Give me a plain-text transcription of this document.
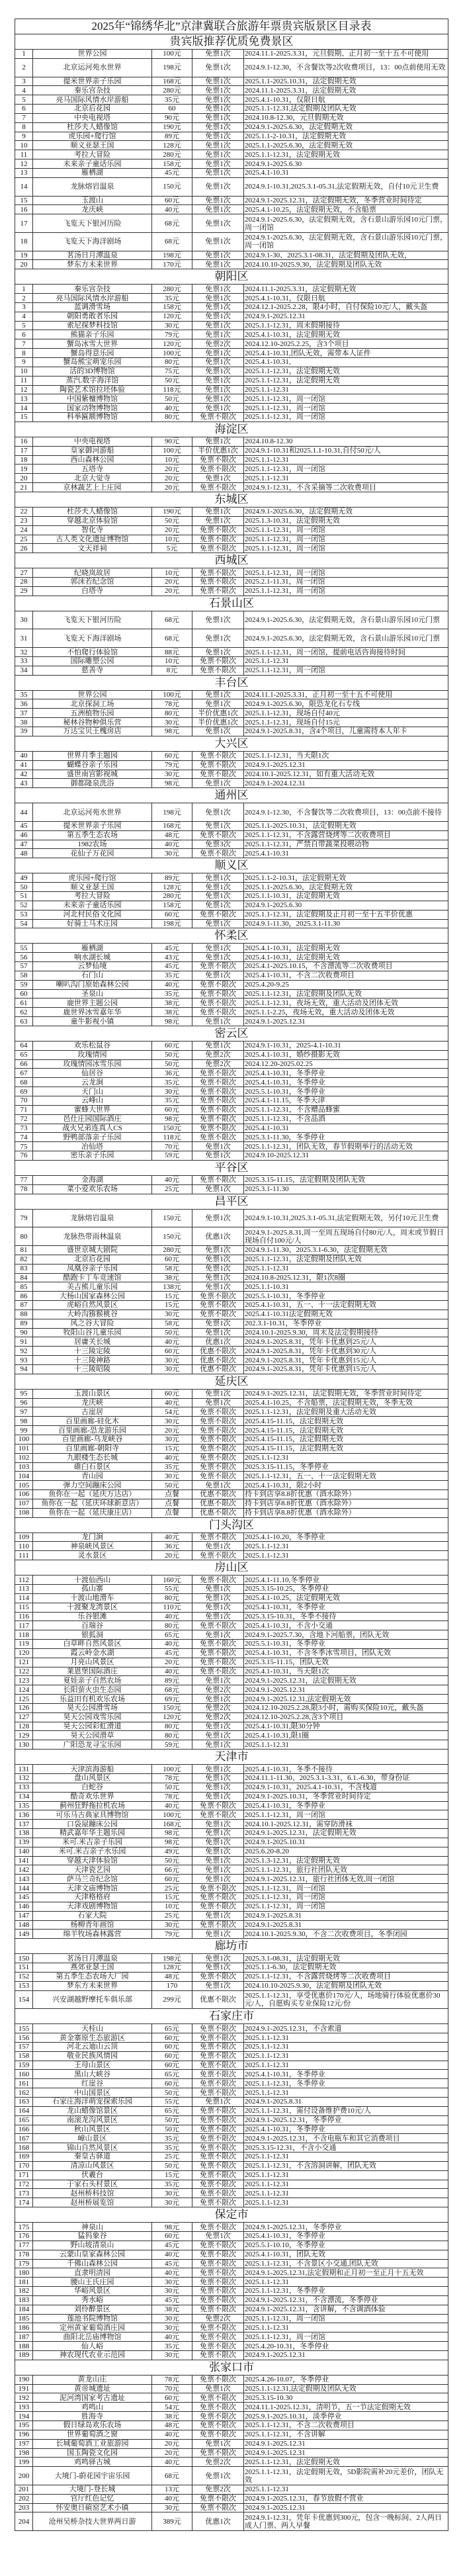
2025年“锦绣华北”京津冀联合旅游年票贵宾版景区目录表
贵宾版推荐优质免费景区
1	世界公园	100元	免票1次	2024.11.1-2025.3.31，元旦假期、正月初一至十五不可使用
2	北京运河苑水世界	198元	免票1次	2024.9.1-12.30，不含餐饮等2次收费项目，13：00点前使用无效
3	提米世界亲子乐园	168元	免票1次	2025.1.1-2025.10.31，法定假期无效
4	秦乐宫杂技	280元	免票1次	2024.11.1-2025.3.31，法定假期无效
5	亮马国际风情水岸游船	35元	免票1次	2025.4.1-10.31，仅限日航
6	北京后花园	60	免票1次	2025.1.1-12.31,法定假期及团队无效
7	中央电视塔	90元	免票1次	2024.10.8-12.30，元旦假期无效
8	杜莎夫人蜡像馆	190元	免票1次	2024.9.1-2025.6.30，法定假期无效
9	虎乐园+爬行馆	89元	免票1次	2025.1.1-2-10.31，法定假期无效
10	顺义亚瑟王国	128元	免票1次	2025.1.1-2025.6.30，法定假期无效
11	考拉大冒险	280元	免票1次	2025.1.1-12.31，法定假期无效
12	未来亲子童话乐园	158元	免票1次	2024.9.1-2025.6.30
13	雁栖湖	45元	免票1次	2025.4.1-10.31
14	龙脉熔岩温泉	150元	免票1次	2024.9.1-10.31,2025.3.1-05.31,法定假期无效，自付10元卫生费
15	玉渡山	60元	免票1次	2024.9.1-2025.12.31，法定假期无效，冬季营业时间待定
16	龙庆峡	40元	免票1次	2025.4.1-10.25，法定假期无效，不含船票
17	飞览天下银河历险	68元	免票1次	2024.9.1-2025.6.30，法定假期无效，含石景山游乐园10元门票，周一闭馆
18	飞览天下海洋剧场	68元	免票1次	2024.9.1-2025.6.30，法定假期无效，含石景山游乐园10元门票，周一闭馆
19	茗汤日月潭温泉	198元	免票1次	2024.9.1-30、2025.3.1-08.31，法定假期及团队无效，
20	梦东方未来世界	170元	免票1次	2024.10.10-2025.9.30，法定假期及团队无效
朝阳区
1	秦乐宫杂技	280元	免票1次	2024.11.1-2025.3.31，法定假期无效
2	亮马国际风情水岸游船	35元	免票1次	2025.4.1-10.31，仅限日航
3	蓝调滑雪场	158元	免票1次	2024.12.1-2025.2.28，限4小时，自付保险10元/人，戴头盔
4	朝阳勇敢者乐园	120元	免票1次	2024.9.1-2025.12.31
5	索尼探梦科技馆	30元	免票1次	2025.1.1-12.31，周末假期接待
6	熊猫亲子乐园	79元	免票1次	2025.4.1-10.31，法定假期无效
7	蟹岛冰雪大世界	120元	免票2次	2024.12.10-2025.2.25，含3个项目
8	蟹岛得意乐园	100元	免票1次	2025.4.1-10.31,团队无效，需带本人证件
9	蟹岛熊宝萌宠乐园	80元	免票1次	2025.4.1-10.31,
10	活的3D博物馆	75元	免票1次	2025.1.1-12.31，法定假期无效
11	蒸汽.数字海洋馆	50元	免票1次	2025.1.1-12.31，法定假期无效
12	陶瓷艺术馆拉坯体验	118元	免票1次	2025.1.1-12.31
13	中国紫檀博物馆	50元	免票1次	2025.1.1-12.31，周一闭馆
14	国家动物博物馆	40元	免票1次	2025.1.1-12.31，周一闭馆
15	科举匾额博物馆	80元	免票不限次	2025.1.1-12.31，周一闭馆
海淀区
16	中央电视塔	90元	免票1次	2024.10.8-12.30
17	皇家御河游船	100元	半价优惠1次 2024.9.1-10.31和2025.1.1-10.31,自付50元/人
18	西山森林公园	10元	免票不限次	2025.1.1-12.31
19	五塔寺	20元	免票不限次	2025.1.1-12.31，周一闭馆
20	北京大觉寺	20元	免票1次	2025.1.1-12.31
21	京林蔬艺上上庄园	20元	免票不限次	2024.9.1-12.31，不含采摘等二次收费项目
东城区
22	杜莎夫人蜡像馆	190元	免票1次	2024.9.1-2025.6.30，法定假期无效
23	穿越北京体验馆	50元	免票1次	2025.1.3-10.31，法定假期无效
24	智化寺	20元	免票不限次	2025.1.1-12.31，周一闭馆
25	古人类文化遗址博物馆	10元	免票不限次	2025.1.1-12.31，周一闭馆
26	文天祥祠	5元	免票不限次	2025.1.1-12.31，周一闭馆
西城区
27	纪晓岚故居	10元	免票不限次	2025.1.1-12.31，周一闭馆
28	郭沫若纪念馆	20元	免票不限次	2025.2.1-11.31，周一闭馆
29	白塔寺	20元	免票不限次	2025.1.1-12.31，周一闭馆
石景山区
30	飞览天下银河历险	68元	免票1次	2024.9.1-2025.6.30，法定假期无效，含石景山游乐园10元门票
31	飞览天下海洋剧场	68元	免票1次	2024.9.1-2025.6.30，法定假期无效，含石景山游乐园10元门票
32	不怕爬行体验馆	88元	免票1次	2025.1.1-12.31，周一闭馆，提前电话咨询接待时间
33	国际雕塑公园	10元	免票不限次	2025.1.1-12.31
34	慈善寺	8元	免票不限次	2025.1.1-12.31，周一闭馆
丰台区
35	世界公园	100元	免票1次	2024.11.1-2025.3.31，正月初一至十五不可使用
36	北京探洞工场	78元	免票1次	2024.9.1-2025.6.30，限恐龙化石专线
37	五洲植物乐园	80元	半价优惠1次 2025.1.1-12.31，现场自付40元
38	秘林谷物种俱乐营	30元	半价优惠1次 2025.1.1-12.31，现场自付15元
39	万达宝贝王槐房店	98元	免票1次	2024.9.1-2025.8.31，含4个项目，儿童需持本人年卡
大兴区
40	世界月季主题园	60元	免票不限次	2025.1.1-12.31，当天限1次
41	蝴蝶谷亲子乐园	79元	免票不限次	2024.9.1-2025.12.31
42	盛世南宫影视城	30元	免票不限次	2024.10.1-2025.12.31，如有重大活动无效
43	御都隆泉洗浴	98元	免票1次	2024.9.1-2024.12.31
通州区
44	北京运河苑水世界	198元	免票1次	2024.9.1-12.30，不含餐饮等二次收费项目，13：00点前不接待
45	提米世界亲子乐园	168元	免票1次	2025.1.1-2025.10.31，法定假期无效
46	第五季生态农场	48元	免票不限次	2025.1.1-12.31，不含露营烧烤等二次收费项目
47	1982农场	40元	免票3次	2025.1.1-12.31，严禁自带蔬菜投喂动物
48	花仙子万花园	30元	免票不限次	2025.4.1-10.31
顺义区
49	虎乐园+爬行馆	89元	免票1次	2025.1.1-2-10.31，法定假期无效
50	顺义亚瑟王国	128元	免票1次	2025.1.1-2025.6.30，法定假期无效
51	考拉大冒险	280元	免票1次	2025.1.1-10.31，法定假期无效
52	未来亲子童话乐园	158元	免票1次	2024.9.1-2025.6.30
53	河北村民俗文化园	60元	免票不限次	2025.1.1-12.31，法定假期及正月初一至十五半价优惠
54	好骑士马术庄园	198元	免票1次	2024.9.1-11.30，2025.3.1-11.30
怀柔区
55	雁栖湖	45元	免票1次	2025.4.1-10.31，法定假期无效
56	响水湖长城	43元	免票1次	2025.4.1-10.31，法定假期无效
57	云梦仙境	45元	免票不限次	2025.4.1-2025.10.15，不含漂流等二次收费项目
58	石门山	35元	免票1次	2025.4.1-10.31，不含二次收费项目
59	喇叭沟门原始森林公园	40元	免票不限次	2025.4.20-9.25
60	圣泉山	35元	免票不限次	2025.1.1-12.31，法定假期及团队无效
61	鹿世界主题公园	38元	免票不限次	2025.1.1-12.31，夜场无效，重大活动及团体无效
62	鹿世界冰雪嘉年华	38元	免票不限次	2025.1.1-2.25，夜场无效，重大活动及团体无效
63	童牛影视小镇	98元	免票1次	2024.9.1-2025.12.31
密云区
64	欢乐松鼠谷	60元	免票1次	2024.9.1-10.31，2025-4.1-10.31
65	玫瑰情园	50元	免票2次	2025.4.1-10.31，婚纱摄影无效
66	玫瑰情园冰雪乐园	50元	免票2次	2024.12.20-2025.02.25
67	仙居谷	36元	免票不限次	2025.4.1-10.31，冬季停业
68	云龙涧	35元	免票不限次	2025.4.1-10.31，冬季停业
69	天门山	30元	免票不限次	2025.5.1-10.31，冬季停业
70	云峰山	35元	免票不限次	2025.4.1-11.15，冬季天津
71	蜜蜂大世界	60元	免票不限次	2025.1.1-12.31，不含赠品蜂蜜
72	邑仕庄园国际酒庄	98元	免票不限次	2025.1.1-12.31，不含品酒
73	战火兄弟连真人CS	150元	免票不限次	2025.4.1-10.31
74	野鸭部落亲子乐园	118元	免票不限次	2025.3.1-11.30，冬季停业
75	冶仙塔	70元	免票1次	2025.1.1-12.31，团队无效，春节假期举行的活动无效
76	密乐亲子乐园	59元	免票1次	2024.9.10-2025.12.31
平谷区
77	金海湖	40元	免票不限次	2025.3.15-11.15，法定假期及团队无效
78	菜小爱欢乐农场	25元	免票1次	2025.3.1-11.30
昌平区
79	龙脉熔岩温泉	150元	免票1次	2024.9.1-10.31,2025.3.1-05.31,法定假期无效，另付10元卫生费
80	龙脉热带雨林温泉	150元	优惠1次	2024.9.1-2025.8.31,周一至周五现场自付80元/人，周末或节假日现场自付100元/人
81	盛世京城大剧院	280元	免票1次	2024.9.1-11.30、2025.3.1-6.30，法定假期无效
82	北京后花园	60元	免票1次	2025.1.1-12.31，法定假期及团队无效
83	凤凰谷亲子乐园	58元	免票1次	2025.1.1-12.31
84	酷跑卡丁车竞速馆	38元	免票1次	2024.10.8-2025.12.31，限1次8圈
85	美吉熊儿童乐园	138元	免票1次	2025.1.1-10.31
86	大杨山国家森林公园	15元	免票不限次	2025.5.1-10.31，冬季停业
87	虎峪自然风景区	15元	免票不限次	2025.4.1-10.31，五一、十一法定假期无效
88	大岭沟猕猴桃谷	30元	免票不限次	2025.4.1-10.31法定假期无效
89	风之谷大冒险	58元	免票1次	202.3.1-10.31，冬季停业
90	牧阳山谷儿童乐园	50元	免票1次	2024.10.1-2025.9.30，周末及法定假期接待
91	居庸关长城	40元	优惠1次	2024.9.1-2025.8.31，凭年卡优惠到25元/人
92	十三陵定陵	60元	优惠不限次	2024.9.1-2025.8.31，凭年卡优惠到30元/人
93	十三陵神路	30元	优惠不限次	2024.9.1-2025.8.31，凭年卡优惠到15元/人
94	十三陵昭陵	30元	优惠不限次	2024.9.1-2025.8.31，凭年卡优惠到15元/人
延庆区
95	玉渡山景区	60元	免票1次	2024.9.1-2025.12.31，法定假期无效，冬季营业时间待定
96	龙庆峡	40元	免票1次	2025.4.1-10.25，不含船票，法定假期无效，冬季无效
97	古崖居	54元	免票不限次	2025.1.1-12.31，法定假期及重大活动无效
98	百里画廊-硅化木	30元	免票不限次	2025.4.15-11.15，法定假期无效
99	百里画廊-恐龙游乐园	20元	免票不限次	2025.4.15-11.15，法定假期无效
100	百里画廊-乌龙峡谷	30元	免票不限次	2025.4.15-11.15，法定假期无效
101	百里画廊-朝阳寺	15元	免票不限次	2025.4.15-11.15，法定假期无效
102	九眼楼生态长城	40元	免票不限次	2025.1.1-12.31
103	碓臼石景区	35元	免票不限次	2025.3.15-11.15，冬季停业
104	青山园	30元	免票不限次	2025.1.1-12.31，五一、十一法定假期无效
105	弹力空间蹦床公园	50元	免票1次	2025.4.1-10.31，限2小时
106	鱼你在一起（延庆万达店）	点餐	优惠不限次	持卡到店享8.8折优惠（酒水除外）
107	鱼你在一起（延庆环球新意店）	点餐	优惠不限次	持卡到店享8.8折优惠（酒水除外）
108	鱼你在一起（延庆康庄店）	点餐	优惠不限次	持卡到店享8.8折优惠（酒水除外）
门头沟区
109	龙门涧	40元	免票不限次	2025.4.1-10.20，冬季停业
110	神泉峡风景区	36元	免票1次	2025.1.1-12.31
111	灵水景区	20元	免票不限次	2025.1.1-12.31
房山区
112	十渡仙西山	160元	免票不限次	2025.4.1-11.10,冬季停业
113	孤山寨	55元	免票1次	2025.3.15-10.25，冬季停业
114	十渡山地滑车	80元	免票1次	2025.4.1-10.25，法定假期无效
115	十渡聚龙湾景区	110元	免票1次	2025.4.1-10.31，冬季停业
116	乐谷银滩	40元	免票1次	2025.3.15-10.31，冬季不接待
117	百瑞谷	80元	免票不限次	2025.4.1-10.31，不含小交通
118	银狐洞	65元	免票1次	2024.9.1-2025.7.30，含地下河船票，团队无效
119	白草畔自然风景区	40元	免票不限次	2025.5.1-10.31，冬季停业
120	霞云岭金水湖	45元	免票不限次	2025.4.1-10.31，不含冬季冰雪项目，团队无效
121	月亮山风景区	20元	免票不限次	2025.3.15-11.15，团队无效
122	莱恩堡国际酒庄	40元	免票不限次	2025.4.1-10.31，当天限1次
123	夏娃亲子自然农场	89元	免票1次	2024.9.1-2025.12.31，法定假期无效
124	长阳萤火虫生态园	68元	免票2次	2024.9.1-2025.12.31
125	乐益田有机欢乐农场	69元	免票1次	2024.9.1-2025.12.31,法定假期无效
126	昊天公园滑雪场	150元	免票2次	2024.12.10-2025.2.28,限3小时，需购买保险10元，戴头盔
127	昊天公园戏雪乐园	120元	免票2次	2024.12.10-2025.2.28,含3个项目
128	昊天公园彩虹滑道	80元	免票1次	2025.4.1-10.31,限30分钟
129	昊天公园滑草	80元	免票1次	2025.4.1-10.31,限1圈
130	广阳恐龙寻宝乐园	59元	免票1次	2025.1.1-12.31
天津市
131	天津滨海游船	100元	免票1次	2025.4.1-10.31，冬季不接待
132	盘山风景区	78元	免票1次	2024.11.1-11.30、2025.3.1-3.31、6.1.-6.30，带身份证
133	白蛇谷	50元	免票1次	2024.9.1-10.31，2025.4.1-10.31，不含栈道
134	酷奇欢乐世界	78元	免票1次	2024.9.1-2025.10.31，冬季营业时间待定
135	蓟州狂野拖拉机农场	40元	免票不限次	2025.4.1-10.31，冬季停业
136	可乐马古典家具博物馆	100元	免票不限次	2025.1.1-12.31，周一闭馆
137	口袋屋蹦床公园	168元	免票1次	2024.10.1-2025.12.31，需穿防滑袜
138	精武嘉年华主题乐园	98元	免票1次	2024.9.1-2025.12.31，法定假期无效
139	米可.米吉亲子乐园	98元	免票1次	2024.9.1-2025.10.31
140	米可.米吉亲子水乐园	49元	免票1次	2025.6.20-8.20
141	穿越天津体验馆	50元	免票1次	2025.1.3-12.31，法定假期无效
142	天津瓷艺园	66元	免票1次	2025.1.1-12.31，旅行社团队无效
143	萨马兰奇纪念馆	60元	免票1次	2024.9.1-2025.12.31，旅行社团体无效,周一闭馆
144	天津文庙博物馆	25元	免票不限次	2025.1.1-12.31，周一闭馆
145	天津格格府	15元	免票不限次	2025.1.1-12.31，周一闭馆
146	天津戏剧博物馆	10元	免票不限次	2025.1.1-12.31，周一闭馆
147	石家大院	25元	免票1次	2024.9.1-2025.8.31
148	杨柳青年画馆	30元	免票不限次	2024.9.1-2025.8.31
149	绵羊牧场森林露营	79元	免票1次	2024.10.1-2025.9.30，不含二次收费项目，冬季闭园
廊坊市
150	茗汤日月潭温泉	198元	免票1次	2025.3.1-08.31，法定假期无效
151	燕郊亚瑟王国	128元	免票1次	2025.1.1-6.30，法定假期无效
152	第五季生态农场大厂园	48元	免票不限次	2025.1.1-12.31，不含露营烧烤等二次收费项目
153	梦东方未来世界	170	免票1次	2024.10.10-2025.9.30，法定假期及团队无效
154	兴安湖越野摩托车俱乐部	299元	优惠不限次	2025.1.1-12.31，享受优惠价170元/人，场地骑行体验优惠价30元/人，自愿购买专业保险12元/份
石家庄市
155	天桂山	65元	免票不限次	2024.9.1-2025.12.31，不含索道
156	黄金寨原生态旅游区	60元	免票不限次	2025.1.1-12.31
157	河北云迪山云顶	60元	免票不限次	2025.1.1-12.31
158	敬业民族风情园	60元	免票不限次	2025.1.1-12.31
159	王母山景区	60元	免票不限次	2025.1.1-12.31
160	黑山大峡谷	65元	免票不限次	2025.4.1-10.31，冬季停业
161	红崖谷	60元	免票不限次	2025.1.1-12.31，冬季停业
162	中山国景区	50元	免票不限次	2025.1.1-12.31
163	石家庄海洋萌宠探索乐园	55元	免票1次	2024.9.1-2025.8.31
164	龙山蜡像馆景区	65元	免票不限次	2025.1.1-12.31，需付设备维护费10元/人
165	南滚龙沟风景区	50元	免票不限次	2024.9.1-2025.12.31，冬季停业
166	秋山风景区	50元	免票不限次	2025.4.1-10.31，冬季停业
167	嶂山景区	35元	免票不限次	2024.9.1-2025.12.31，不含电瓶车和其它消费项目
168	锦山自然风景区	35元	免票不限次	2025.3.15-12.31，不含小交通
169	秦皇古驿道	25元	免票不限次	2025.1.1-12.31
170	清凉山风景区	50元	免票不限次	2025.1.1-12.31，不含溶洞讲解，团队无效
171	伏羲台	15元	免票不限次	2025.1.1-12.31
172	于家石头村景区	35元	免票不限次	2025.1.1-12.31
173	赵州桥科技馆	30元	免票不限次	2025.1.1-12.31
174	赵州桥展览馆	30元	免票不限次	2025.1.1-12.31
保定市
175	神泉山	98元	免票不限次	2024.9.1-2025.12.31，冬季停业
176	猛犸象谷	60元	免票1次	2025.4.1-10.31，冬季停业
177	野山坡清泉山	45元	免票不限次	2025.5.1-10.10，冬季停业
178	云蒙山皇家森林公园	40元	免票不限次	2025.4.1-10.31，团队无效
179	千佛山森林公园	45元	免票不限次	2025.1.1-12.31，不含景区小交通,团队无效
180	直隶明清园	40元	免票不限次	2024.9.1-2025.12.31,法定假期和正月初一至正月十五无效
181	腰山王氏庄园	30元	免票不限次	2025.1.1-12.31
182	华峪风景区	30元	免票不限次	2025.1.1-12.31，冬季停业
183	秀水峪	45元	免票不限次	2024.9.1-2025.12.31，不含漂流，冬季停业
184	刘伶醉景区	38元	免票不限次	2024.9.1-2025.12.31，含讲解，不含调酒体验
185	莲池书院博物馆	30元	免票2次	2025.1.1-12.31，周一闭馆
186	定州黄家葡萄酒庄园	30元	免票不限次	2025.1.1-12.31
187	曲阳北岳庙博物馆	40元	免票不限次	2025.1.1-12.31，周一闭馆
188	仙人峪	35元	免票不限次	2025.4.20-10.31，冬季停业
189	神农现代农业示范园	30元	免票不限次	2024.9.1-2025.12.31
张家口市
190	黄龙山庄	78元	免票不限次	2025.4.26-10.07，冬季停业
191	黄帝城遗址	70元	免票1次	2025.1.1-12.31,法定假期及团队无效
192	泥河湾国家考古遗址	60元	免票不限次	2025.3.15-10.30
193	鸡鸣山	54元	免票不限次	2024.11.1-2025.12.31，清明节，五一节法定假期无效
194	胜海寺	38元	免票不限次	2025.9.1-2025.10.31，淡季停业
195	假日绿岛欢乐农场	48元	免票不限次	2025.1.1-12.31，不含二次收费项目
196	世界葡萄酒之窗	40元	免票不限次	2025.1.1-12.31，不含讲解
197	长城葡萄酒工业旅游园	20元	免票1次	2024.9.1-2025.12.31
198	国玉陶瓷文化园	20元	免票不限次	2024.9.1-2025.12.31
199	鸡鸣驿古城	40元	免票2次	2025.1.1-12.31，法定假期无效
200	大境门-蔚花园宇宙乐园	68元	免票1次	2025.1.1-12.31，法定假期无效，5D影院需补20元差价，团队无效
201	大境门-登长城	13元	免票2次	2025.1.1-12.31
202	官厅红色记忆	40元	免票不限次	2024.9.1-2025.12.31，春节放假不营业
203	怀安奥日碹窑艺术小镇	30元	免票不限次	2024.9.1-2025.12.31
204	沧州吴桥杂技大世界两日游	389元	优惠1次	2024.9.1-12.31，凭年卡优惠到300元，包含一晚标间、2人两日成人门票、两人早餐
